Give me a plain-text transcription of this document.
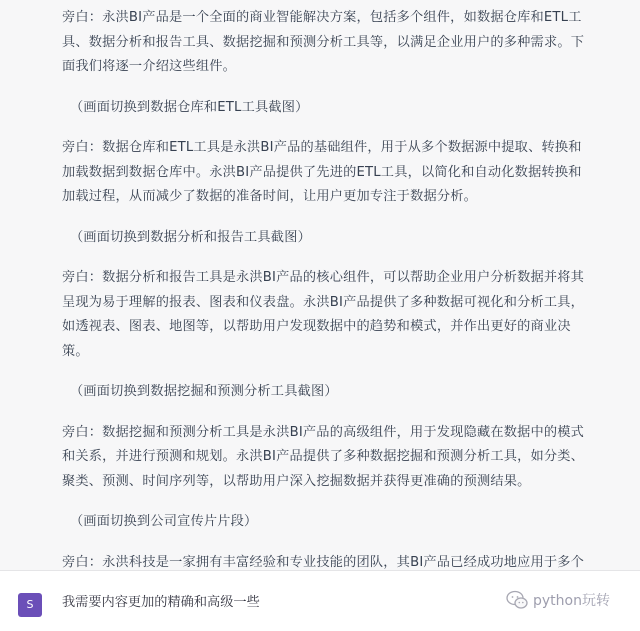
旁白：永洪BI产品是一个全面的商业智能解决方案，包括多个组件，如数据仓库和ETL工具、数据分析和报告工具、数据挖掘和预测分析工具等，以满足企业用户的多种需求。下面我们将逐一介绍这些组件。

（画面切换到数据仓库和ETL工具截图）

旁白：数据仓库和ETL工具是永洪BI产品的基础组件，用于从多个数据源中提取、转换和加载数据到数据仓库中。永洪BI产品提供了先进的ETL工具，以简化和自动化数据转换和加载过程，从而减少了数据的准备时间，让用户更加专注于数据分析。

（画面切换到数据分析和报告工具截图）

旁白：数据分析和报告工具是永洪BI产品的核心组件，可以帮助企业用户分析数据并将其呈现为易于理解的报表、图表和仪表盘。永洪BI产品提供了多种数据可视化和分析工具，如透视表、图表、地图等，以帮助用户发现数据中的趋势和模式，并作出更好的商业决策。

（画面切换到数据挖掘和预测分析工具截图）

旁白：数据挖掘和预测分析工具是永洪BI产品的高级组件，用于发现隐藏在数据中的模式和关系，并进行预测和规划。永洪BI产品提供了多种数据挖掘和预测分析工具，如分类、聚类、预测、时间序列等，以帮助用户深入挖掘数据并获得更准确的预测结果。

（画面切换到公司宣传片片段）

旁白：永洪科技是一家拥有丰富经验和专业技能的团队，其BI产品已经成功地应用于多个

S	我需要内容更加的精确和高级一些	python玩转
